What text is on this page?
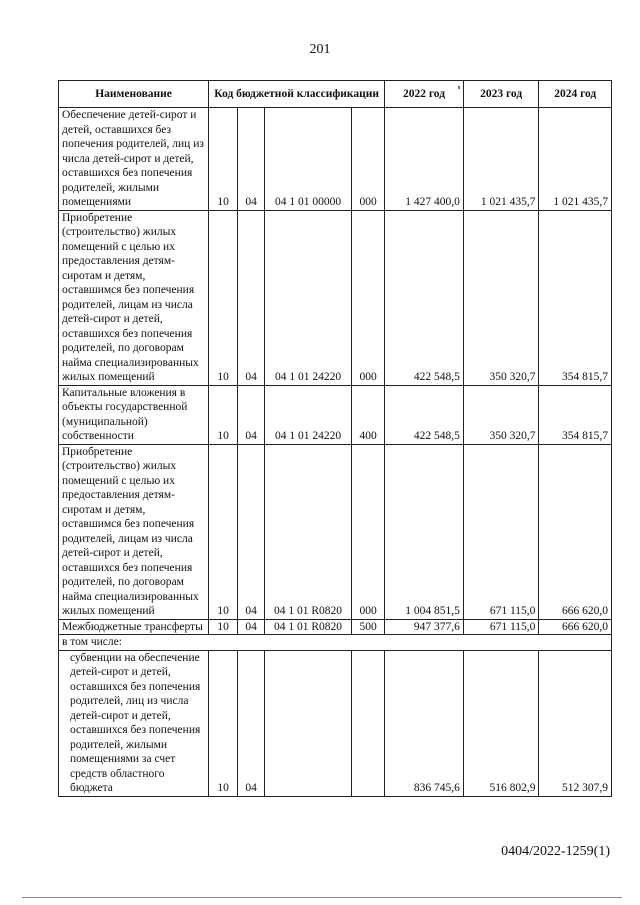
201
Наименование	Код бюджетной классификации				2022 год	2023 год	2024 год
Обеспечение детей-сирот и детей, оставшихся без попечения родителей, лиц из числа детей-сирот и детей, оставшихся без попечения родителей, жилыми помещениями	10	04	04 1 01 00000	000	1 427 400,0	1 021 435,7	1 021 435,7
Приобретение (строительство) жилых помещений с целью их предоставления детям-сиротам и детям, оставшимся без попечения родителей, лицам из числа детей-сирот и детей, оставшихся без попечения родителей, по договорам найма специализированных жилых помещений	10	04	04 1 01 24220	000	422 548,5	350 320,7	354 815,7
Капитальные вложения в объекты государственной (муниципальной) собственности	10	04	04 1 01 24220	400	422 548,5	350 320,7	354 815,7
Приобретение (строительство) жилых помещений с целью их предоставления детям-сиротам и детям, оставшимся без попечения родителей, лицам из числа детей-сирот и детей, оставшихся без попечения родителей, по договорам найма специализированных жилых помещений	10	04	04 1 01 R0820	000	1 004 851,5	671 115,0	666 620,0
Межбюджетные трансферты	10	04	04 1 01 R0820	500	947 377,6	671 115,0	666 620,0
в том числе:							
субвенции на обеспечение детей-сирот и детей, оставшихся без попечения родителей, лиц из числа детей-сирот и детей, оставшихся без попечения родителей, жилыми помещениями за счет средств областного бюджета	10	04			836 745,6	516 802,9	512 307,9
0404/2022-1259(1)
